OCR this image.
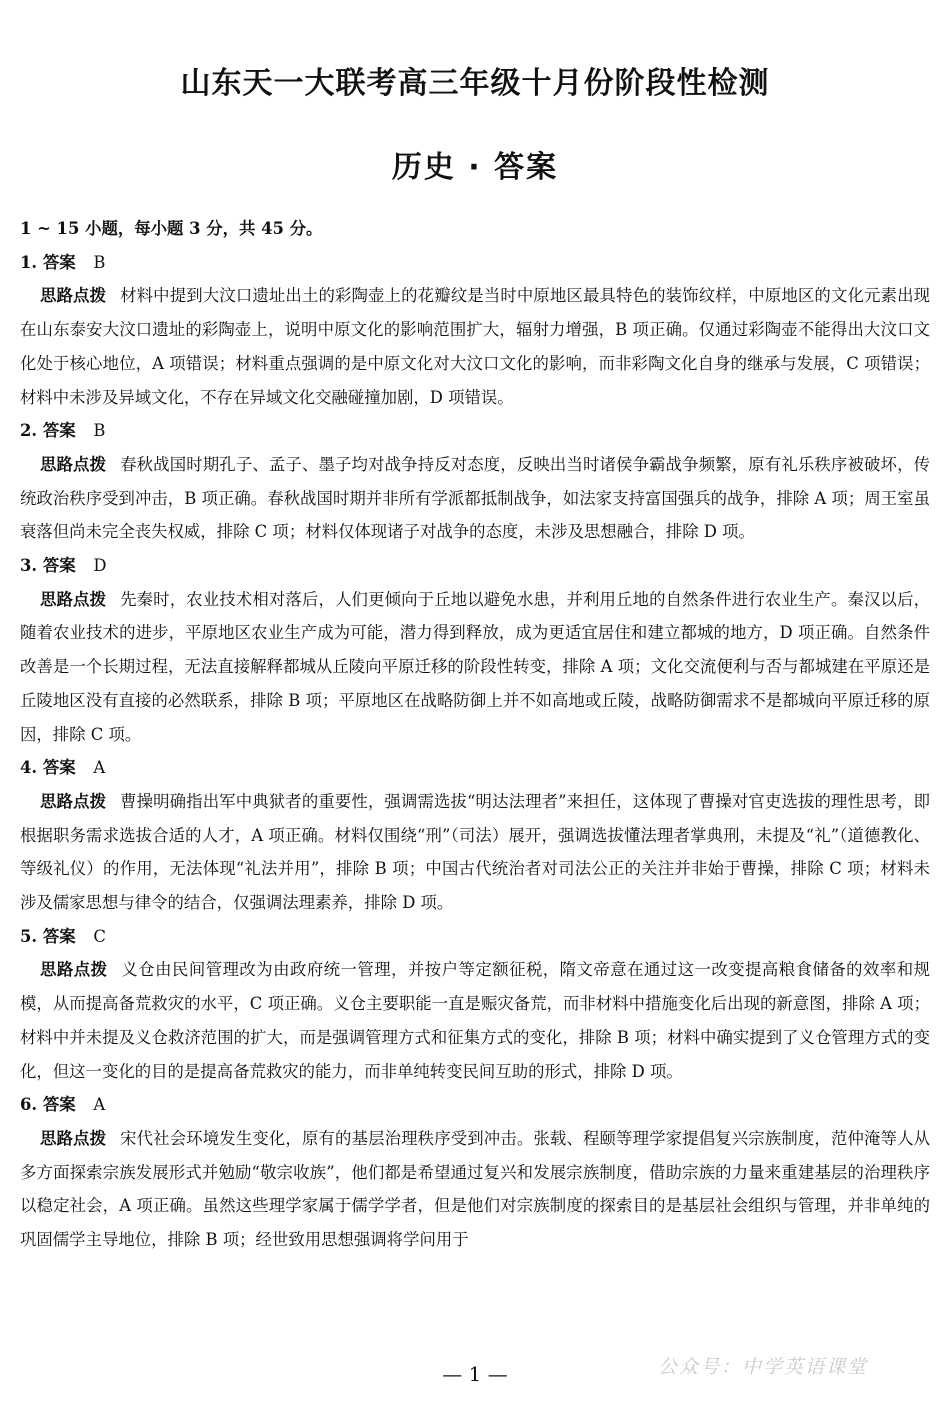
山东天一大联考高三年级十月份阶段性检测
历史 · 答案
1 ~ 15 小题，每小题 3 分，共 45 分。
1. 答案 B

思路点拨 材料中提到大汶口遗址出土的彩陶壶上的花瓣纹是当时中原地区最具特色的装饰纹样，中原地区的文化元素出现在山东泰安大汶口遗址的彩陶壶上，说明中原文化的影响范围扩大，辐射力增强，B 项正确。仅通过彩陶壶不能得出大汶口文化处于核心地位，A 项错误；材料重点强调的是中原文化对大汶口文化的影响，而非彩陶文化自身的继承与发展，C 项错误；材料中未涉及异域文化，不存在异域文化交融碰撞加剧，D 项错误。

2. 答案 B

思路点拨 春秋战国时期孔子、孟子、墨子均对战争持反对态度，反映出当时诸侯争霸战争频繁，原有礼乐秩序被破坏，传统政治秩序受到冲击，B 项正确。春秋战国时期并非所有学派都抵制战争，如法家支持富国强兵的战争，排除 A 项；周王室虽衰落但尚未完全丧失权威，排除 C 项；材料仅体现诸子对战争的态度，未涉及思想融合，排除 D 项。

3. 答案 D

思路点拨 先秦时，农业技术相对落后，人们更倾向于丘地以避免水患，并利用丘地的自然条件进行农业生产。秦汉以后，随着农业技术的进步，平原地区农业生产成为可能，潜力得到释放，成为更适宜居住和建立都城的地方，D 项正确。自然条件改善是一个长期过程，无法直接解释都城从丘陵向平原迁移的阶段性转变，排除 A 项；文化交流便利与否与都城建在平原还是丘陵地区没有直接的必然联系，排除 B 项；平原地区在战略防御上并不如高地或丘陵，战略防御需求不是都城向平原迁移的原因，排除 C 项。

4. 答案 A

思路点拨 曹操明确指出军中典狱者的重要性，强调需选拔“明达法理者”来担任，这体现了曹操对官吏选拔的理性思考，即根据职务需求选拔合适的人才，A 项正确。材料仅围绕“刑”（司法）展开，强调选拔懂法理者掌典刑，未提及“礼”（道德教化、等级礼仪）的作用，无法体现“礼法并用”，排除 B 项；中国古代统治者对司法公正的关注并非始于曹操，排除 C 项；材料未涉及儒家思想与律令的结合，仅强调法理素养，排除 D 项。

5. 答案 C

思路点拨 义仓由民间管理改为由政府统一管理，并按户等定额征税，隋文帝意在通过这一改变提高粮食储备的效率和规模，从而提高备荒救灾的水平，C 项正确。义仓主要职能一直是赈灾备荒，而非材料中措施变化后出现的新意图，排除 A 项；材料中并未提及义仓救济范围的扩大，而是强调管理方式和征集方式的变化，排除 B 项；材料中确实提到了义仓管理方式的变化，但这一变化的目的是提高备荒救灾的能力，而非单纯转变民间互助的形式，排除 D 项。

6. 答案 A

思路点拨 宋代社会环境发生变化，原有的基层治理秩序受到冲击。张载、程颐等理学家提倡复兴宗族制度，范仲淹等人从多方面探索宗族发展形式并勉励“敬宗收族”，他们都是希望通过复兴和发展宗族制度，借助宗族的力量来重建基层的治理秩序以稳定社会，A 项正确。虽然这些理学家属于儒学学者，但是他们对宗族制度的探索目的是基层社会组织与管理，并非单纯的巩固儒学主导地位，排除 B 项；经世致用思想强调将学问用于

— 1 —	公众号：中学英语课堂
